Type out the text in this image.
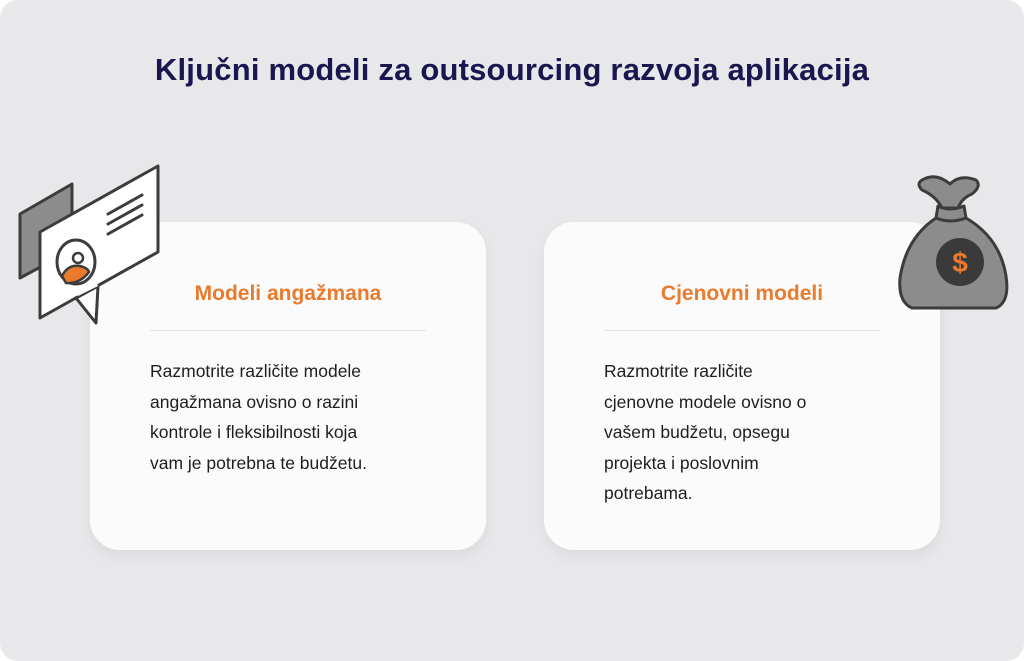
Ključni modeli za outsourcing razvoja aplikacija
Modeli angažmana
Razmotrite različite modele
angažmana ovisno o razini
kontrole i fleksibilnosti koja
vam je potrebna te budžetu.
Cjenovni modeli
Razmotrite različite
cjenovne modele ovisno o
vašem budžetu, opsegu
projekta i poslovnim
potrebama.
$
